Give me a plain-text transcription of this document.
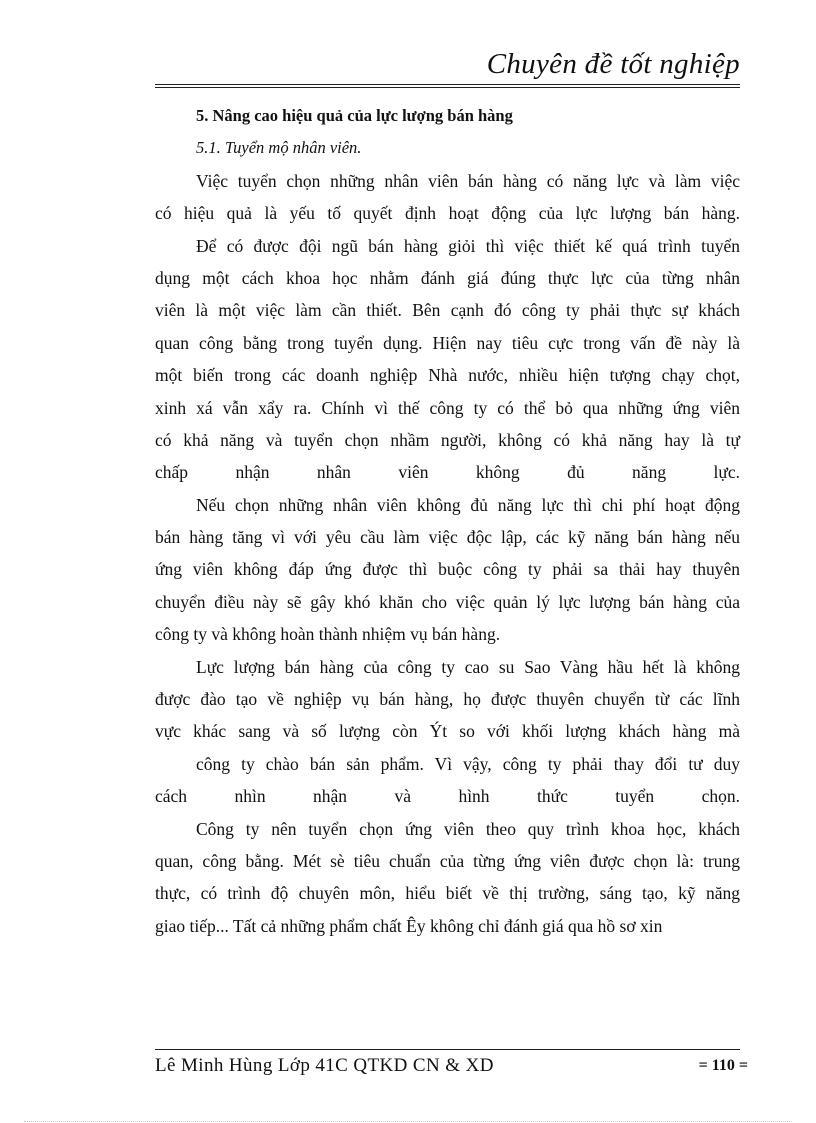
Chuyên đề tốt nghiệp
5. Nâng cao hiệu quả của lực lượng bán hàng
5.1. Tuyển mộ nhân viên.
Việc tuyển chọn những nhân viên bán hàng có năng lực và làm việc
có hiệu quả là yếu tố quyết định hoạt động của lực lượng bán hàng.
Để có được đội ngũ bán hàng giỏi thì việc thiết kế quá trình tuyển
dụng một cách khoa học nhằm đánh giá đúng thực lực của từng nhân
viên là một việc làm cần thiết. Bên cạnh đó công ty phải thực sự khách
quan công bằng trong tuyển dụng. Hiện nay tiêu cực trong vấn đề này là
một biến trong các doanh nghiệp Nhà nước, nhiều hiện tượng chạy chọt,
xinh xá vẫn xẩy ra. Chính vì thế công ty có thể bỏ qua những ứng viên
có khả năng và tuyển chọn nhầm người, không có khả năng hay là tự
chấp nhận nhân viên không đủ năng lực.
Nếu chọn những nhân viên không đủ năng lực thì chi phí hoạt động
bán hàng tăng vì với yêu cầu làm việc độc lập, các kỹ năng bán hàng nếu
ứng viên không đáp ứng được thì buộc công ty phải sa thải hay thuyên
chuyển điều này sẽ gây khó khăn cho việc quản lý lực lượng bán hàng của
công ty và không hoàn thành nhiệm vụ bán hàng.
Lực lượng bán hàng của công ty cao su Sao Vàng hầu hết là không
được đào tạo về nghiệp vụ bán hàng, họ được thuyên chuyển từ các lĩnh
vực khác sang và số lượng còn Ýt so với khối lượng khách hàng mà
công ty chào bán sản phẩm. Vì vậy, công ty phải thay đổi tư duy
cách nhìn nhận và hình thức tuyển chọn.
Công ty nên tuyển chọn ứng viên theo quy trình khoa học, khách
quan, công bằng. Mét sè tiêu chuẩn của từng ứng viên được chọn là: trung
thực, có trình độ chuyên môn, hiểu biết về thị trường, sáng tạo, kỹ năng
giao tiếp... Tất cả những phẩm chất Êy không chỉ đánh giá qua hồ sơ xin
Lê Minh Hùng Lớp 41C QTKD CN & XD	= 110 =
